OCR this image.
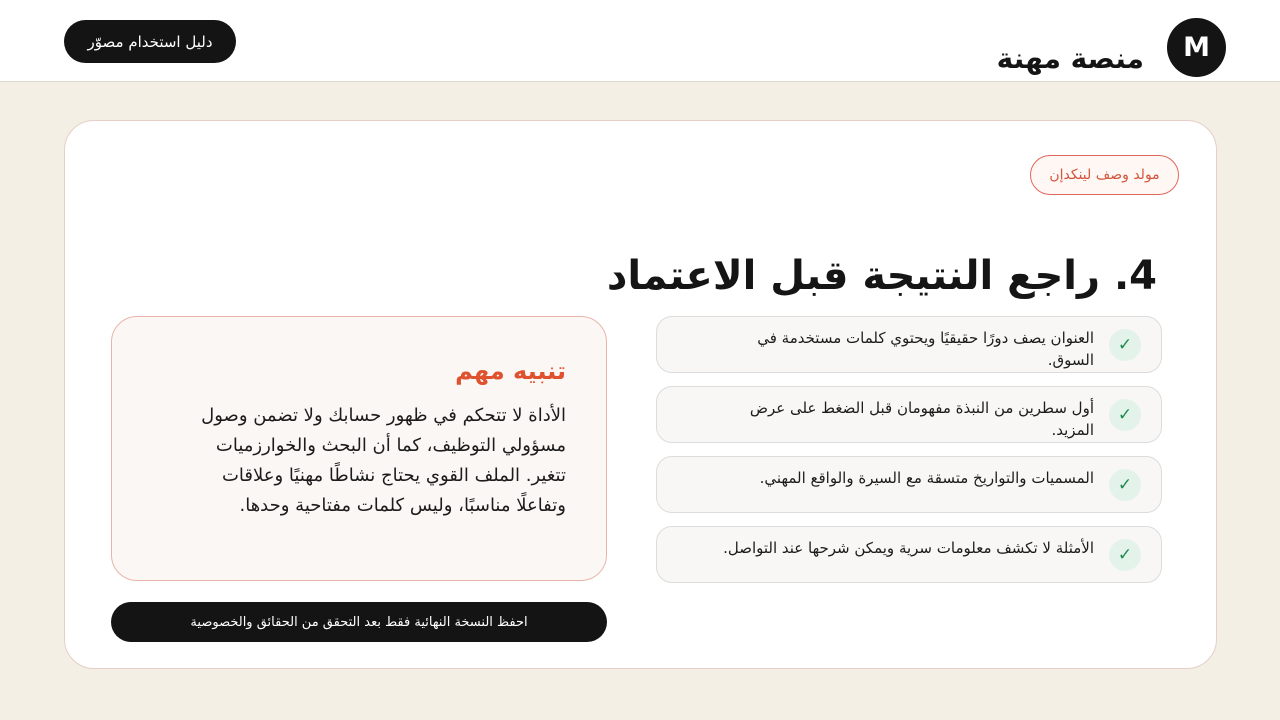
M
منصة مهنة
دليل استخدام مصوّر
مولد وصف لينكدإن
4. راجع النتيجة قبل الاعتماد
✓

العنوان يصف دورًا حقيقيًا ويحتوي كلمات مستخدمة في السوق.

✓

أول سطرين من النبذة مفهومان قبل الضغط على عرض المزيد.

✓

المسميات والتواريخ متسقة مع السيرة والواقع المهني.

✓

الأمثلة لا تكشف معلومات سرية ويمكن شرحها عند التواصل.

تنبيه مهم

الأداة لا تتحكم في ظهور حسابك ولا تضمن وصول مسؤولي التوظيف، كما أن البحث والخوارزميات تتغير. الملف القوي يحتاج نشاطًا مهنيًا وعلاقات وتفاعلًا مناسبًا، وليس كلمات مفتاحية وحدها.

احفظ النسخة النهائية فقط بعد التحقق من الحقائق والخصوصية
